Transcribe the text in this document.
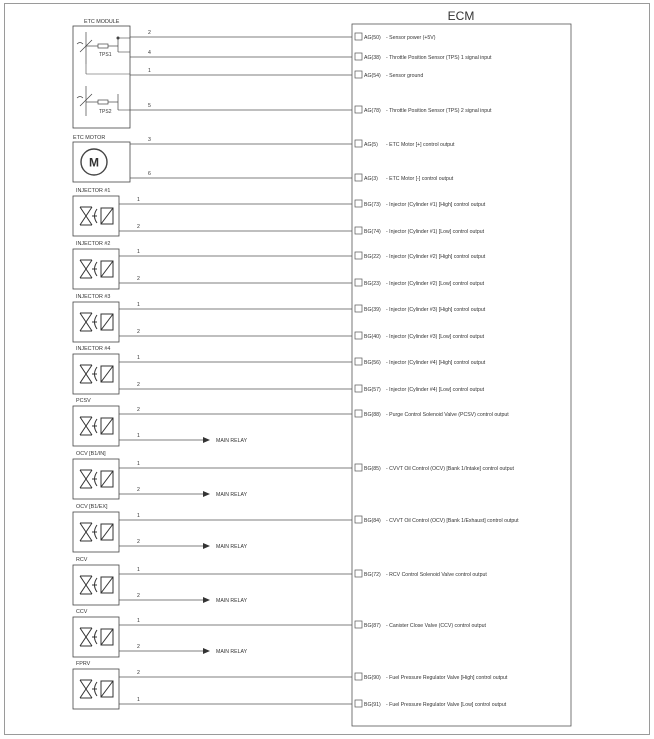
ECM
ETC MODULE
TPS1
TPS2
ETC MOTOR
M
INJECTOR #1
INJECTOR #2
INJECTOR #3
INJECTOR #4
PCSV
OCV [B1/IN]
OCV [B1/EX]
RCV
CCV
FPRV
2
AG(50) - Sensor power (+5V)
4
AG(38) - Throttle Position Sensor (TPS) 1 signal input
1
AG(54) - Sensor ground
5
AG(78) - Throttle Position Sensor (TPS) 2 signal input
3
AG(5) - ETC Motor [+] control output
6
AG(3) - ETC Motor [-] control output
1
BG(73) - Injector (Cylinder #1) [High] control output
2
BG(74) - Injector (Cylinder #1) [Low] control output
1
BG(22) - Injector (Cylinder #2) [High] control output
2
BG(23) - Injector (Cylinder #2) [Low] control output
1
BG(39) - Injector (Cylinder #3) [High] control output
2
BG(40) - Injector (Cylinder #3) [Low] control output
1
BG(56) - Injector (Cylinder #4) [High] control output
2
BG(57) - Injector (Cylinder #4) [Low] control output
2
BG(88) - Purge Control Solenoid Valve (PCSV) control output
1
MAIN RELAY
1
BG(85) - CVVT Oil Control (OCV) [Bank 1/Intake] control output
2
MAIN RELAY
1
BG(84) - CVVT Oil Control (OCV) [Bank 1/Exhaust] control output
2
MAIN RELAY
1
BG(72) - RCV Control Solenoid Valve control output
2
MAIN RELAY
1
BG(87) - Canister Close Valve (CCV) control output
2
MAIN RELAY
2
BG(90) - Fuel Pressure Regulator Valve [High] control output
1
BG(91) - Fuel Pressure Regulator Valve [Low] control output
